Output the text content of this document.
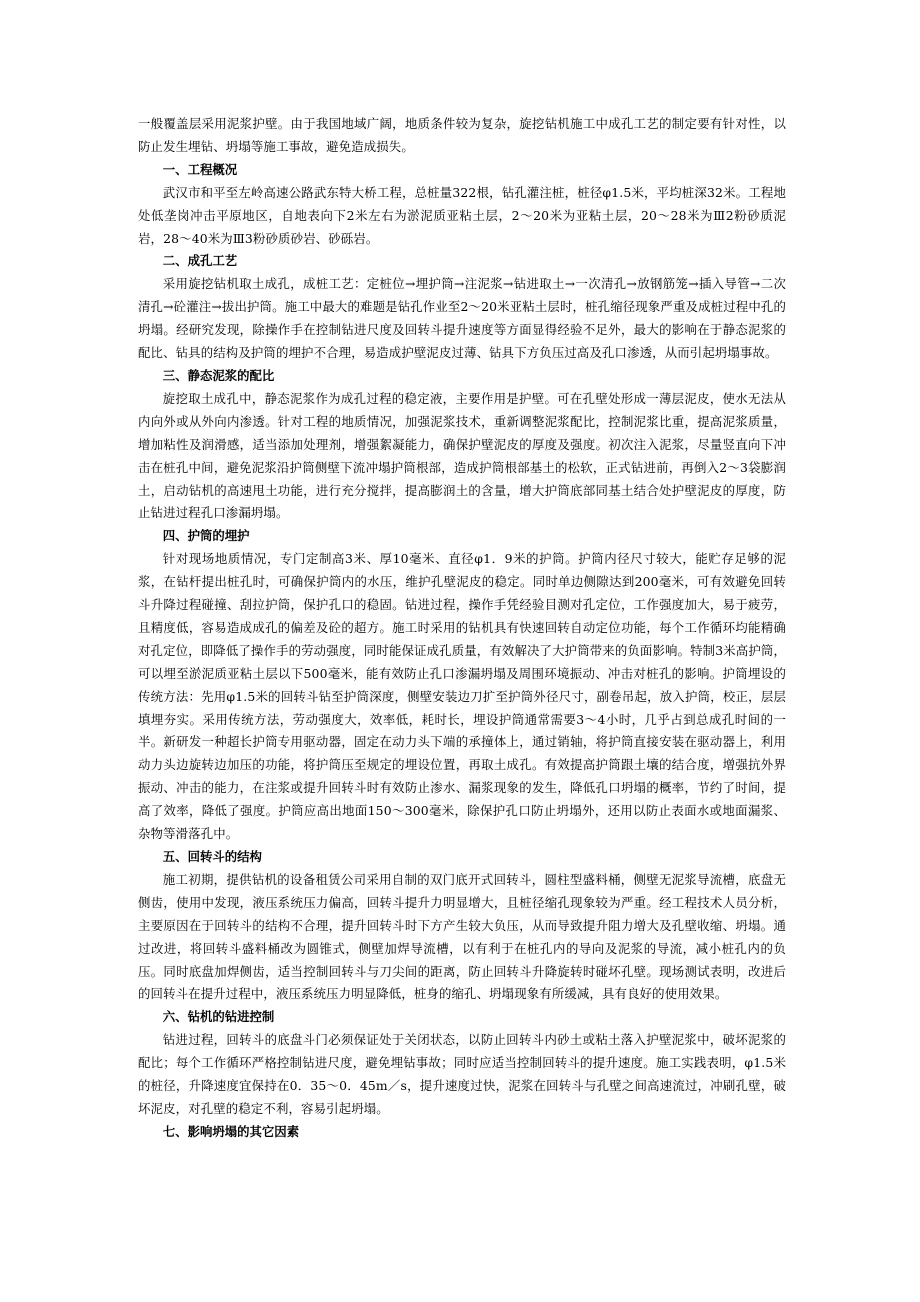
一般覆盖层采用泥浆护壁。由于我国地域广阔，地质条件较为复杂，旋挖钻机施工中成孔工艺的制定要有针对性，以防止发生埋钻、坍塌等施工事故，避免造成损失。

一、工程概况

武汉市和平至左岭高速公路武东特大桥工程，总桩量322根，钻孔灌注桩，桩径φ1.5米，平均桩深32米。工程地处低垄岗冲击平原地区，自地表向下2米左右为淤泥质亚粘土层，2～20米为亚粘土层，20～28米为Ⅲ2粉砂质泥岩，28～40米为Ⅲ3粉砂质砂岩、砂砾岩。

二、成孔工艺

采用旋挖钻机取土成孔，成桩工艺：定桩位→埋护筒→注泥浆→钻进取土→一次清孔→放钢筋笼→插入导管→二次清孔→砼灌注→拔出护筒。施工中最大的难题是钻孔作业至2～20米亚粘土层时，桩孔缩径现象严重及成桩过程中孔的坍塌。经研究发现，除操作手在控制钻进尺度及回转斗提升速度等方面显得经验不足外，最大的影响在于静态泥浆的配比、钻具的结构及护筒的埋护不合理，易造成护壁泥皮过薄、钻具下方负压过高及孔口渗透，从而引起坍塌事故。

三、静态泥浆的配比

旋挖取土成孔中，静态泥浆作为成孔过程的稳定液，主要作用是护壁。可在孔壁处形成一薄层泥皮，使水无法从内向外或从外向内渗透。针对工程的地质情况，加强泥浆技术，重新调整泥浆配比，控制泥浆比重，提高泥浆质量，增加粘性及润滑感，适当添加处理剂，增强絮凝能力，确保护壁泥皮的厚度及强度。初次注入泥浆，尽量竖直向下冲击在桩孔中间，避免泥浆沿护筒侧壁下流冲塌护筒根部，造成护筒根部基土的松软，正式钻进前，再倒入2～3袋膨润土，启动钻机的高速甩土功能，进行充分搅拌，提高膨润土的含量，增大护筒底部同基土结合处护壁泥皮的厚度，防止钻进过程孔口渗漏坍塌。

四、护筒的埋护

针对现场地质情况，专门定制高3米、厚10毫米、直径φ1．9米的护筒。护筒内径尺寸较大，能贮存足够的泥浆，在钻杆提出桩孔时，可确保护筒内的水压，维护孔壁泥皮的稳定。同时单边侧隙达到200毫米，可有效避免回转斗升降过程碰撞、刮拉护筒，保护孔口的稳固。钻进过程，操作手凭经验目测对孔定位，工作强度加大，易于疲劳，且精度低，容易造成成孔的偏差及砼的超方。施工时采用的钻机具有快速回转自动定位功能，每个工作循环均能精确对孔定位，即降低了操作手的劳动强度，同时能保证成孔质量，有效解决了大护筒带来的负面影响。特制3米高护筒，可以埋至淤泥质亚粘土层以下500毫米，能有效防止孔口渗漏坍塌及周围环境振动、冲击对桩孔的影响。护筒埋设的传统方法：先用φ1.5米的回转斗钻至护筒深度，侧壁安装边刀扩至护筒外径尺寸，副卷吊起，放入护筒，校正，层层填埋夯实。采用传统方法，劳动强度大，效率低，耗时长，埋设护筒通常需要3～4小时，几乎占到总成孔时间的一半。新研发一种超长护筒专用驱动器，固定在动力头下端的承撞体上，通过销轴，将护筒直接安装在驱动器上，利用动力头边旋转边加压的功能，将护筒压至规定的埋设位置，再取土成孔。有效提高护筒跟土壤的结合度，增强抗外界振动、冲击的能力，在注浆或提升回转斗时有效防止渗水、漏浆现象的发生，降低孔口坍塌的概率，节约了时间，提高了效率，降低了强度。护筒应高出地面150～300毫米，除保护孔口防止坍塌外，还用以防止表面水或地面漏浆、杂物等滑落孔中。

五、回转斗的结构

施工初期，提供钻机的设备租赁公司采用自制的双门底开式回转斗，圆柱型盛料桶，侧壁无泥浆导流槽，底盘无侧齿，使用中发现，液压系统压力偏高，回转斗提升力明显增大，且桩径缩孔现象较为严重。经工程技术人员分析，主要原因在于回转斗的结构不合理，提升回转斗时下方产生较大负压，从而导致提升阻力增大及孔壁收缩、坍塌。通过改进，将回转斗盛料桶改为圆锥式，侧壁加焊导流槽，以有利于在桩孔内的导向及泥浆的导流，减小桩孔内的负压。同时底盘加焊侧齿，适当控制回转斗与刀尖间的距离，防止回转斗升降旋转时碰坏孔壁。现场测试表明，改进后的回转斗在提升过程中，液压系统压力明显降低，桩身的缩孔、坍塌现象有所缓减，具有良好的使用效果。

六、钻机的钻进控制

钻进过程，回转斗的底盘斗门必须保证处于关闭状态，以防止回转斗内砂土或粘土落入护壁泥浆中，破坏泥浆的配比；每个工作循环严格控制钻进尺度，避免埋钻事故；同时应适当控制回转斗的提升速度。施工实践表明，φ1.5米的桩径，升降速度宜保持在0．35～0．45m／s，提升速度过快，泥浆在回转斗与孔壁之间高速流过，冲刷孔壁，破坏泥皮，对孔壁的稳定不利，容易引起坍塌。

七、影响坍塌的其它因素
